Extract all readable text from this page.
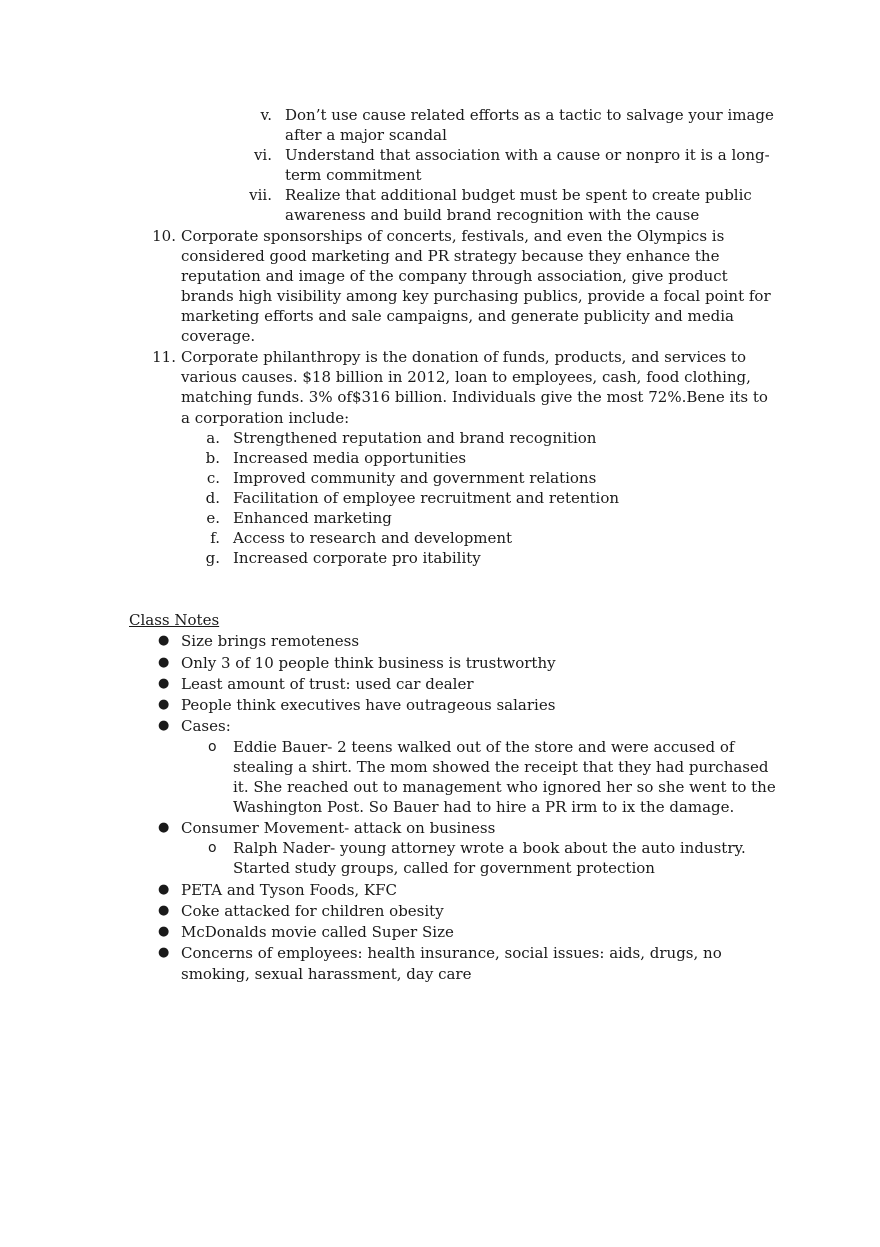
v. Don’t use cause related efforts as a tactic to salvage your image
after a major scandal
vi. Understand that association with a cause or nonpro it is a long-
term commitment
vii. Realize that additional budget must be spent to create public
awareness and build brand recognition with the cause
10. Corporate sponsorships of concerts, festivals, and even the Olympics is
considered good marketing and PR strategy because they enhance the
reputation and image of the company through association, give product
brands high visibility among key purchasing publics, provide a focal point for
marketing efforts and sale campaigns, and generate publicity and media
coverage.
11. Corporate philanthropy is the donation of funds, products, and services to
various causes. $18 billion in 2012, loan to employees, cash, food clothing,
matching funds. 3% of$316 billion. Individuals give the most 72%.Bene its to
a corporation include:
a. Strengthened reputation and brand recognition
b. Increased media opportunities
c. Improved community and government relations
d. Facilitation of employee recruitment and retention
e. Enhanced marketing
f. Access to research and development
g. Increased corporate pro itability
Class Notes
● Size brings remoteness
● Only 3 of 10 people think business is trustworthy
● Least amount of trust: used car dealer
● People think executives have outrageous salaries
● Cases:
o Eddie Bauer- 2 teens walked out of the store and were accused of
stealing a shirt. The mom showed the receipt that they had purchased
it. She reached out to management who ignored her so she went to the
Washington Post. So Bauer had to hire a PR irm to ix the damage.
● Consumer Movement- attack on business
o Ralph Nader- young attorney wrote a book about the auto industry.
Started study groups, called for government protection
● PETA and Tyson Foods, KFC
● Coke attacked for children obesity
● McDonalds movie called Super Size
● Concerns of employees: health insurance, social issues: aids, drugs, no
smoking, sexual harassment, day care
